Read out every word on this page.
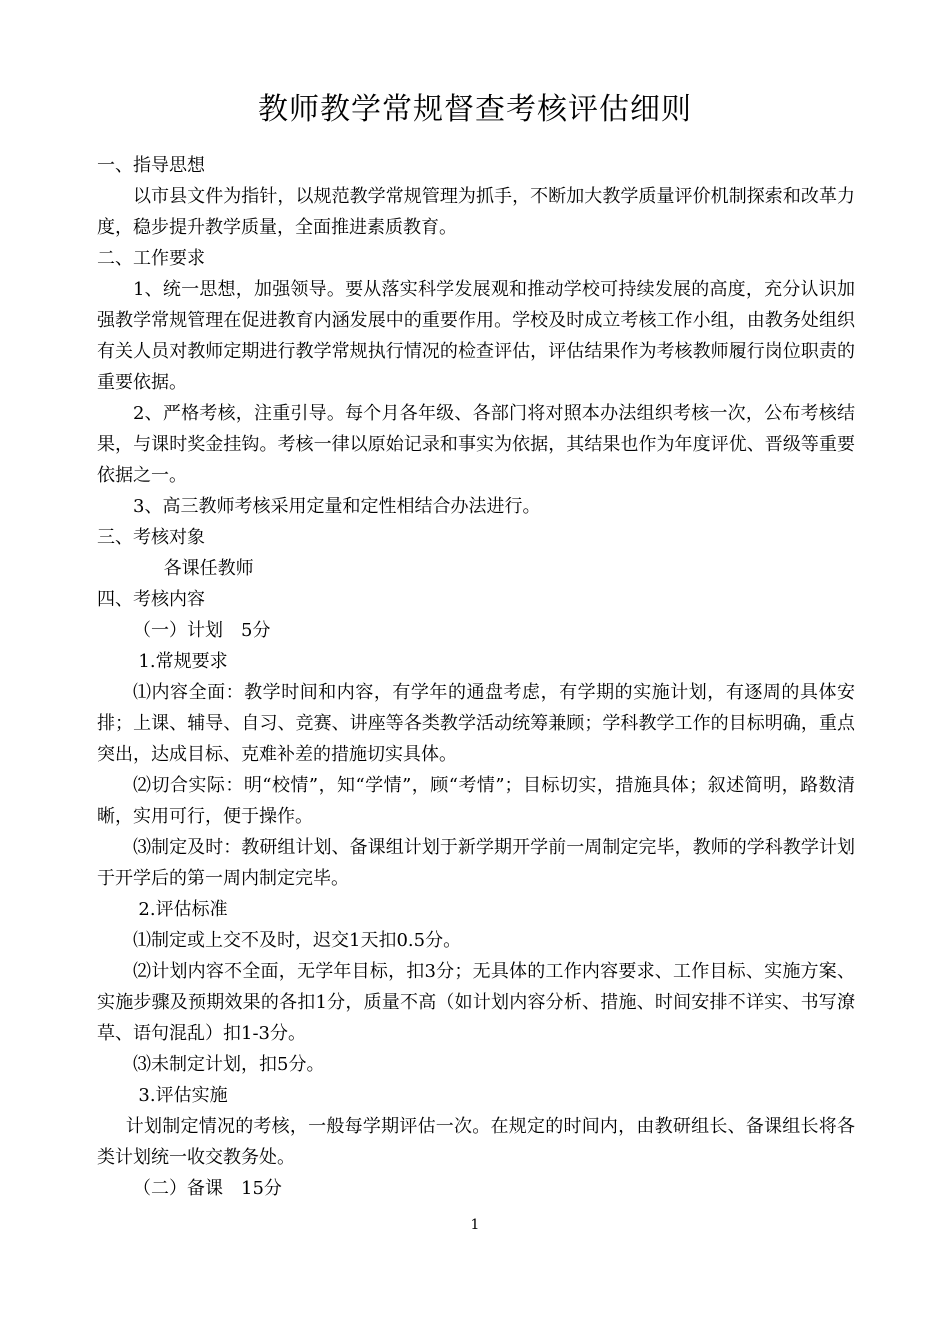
教师教学常规督查考核评估细则

一、指导思想

以市县文件为指针，以规范教学常规管理为抓手，不断加大教学质量评价机制探索和改革力度，稳步提升教学质量，全面推进素质教育。

二、工作要求

1、统一思想，加强领导。要从落实科学发展观和推动学校可持续发展的高度，充分认识加强教学常规管理在促进教育内涵发展中的重要作用。学校及时成立考核工作小组，由教务处组织有关人员对教师定期进行教学常规执行情况的检查评估，评估结果作为考核教师履行岗位职责的重要依据。

2、严格考核，注重引导。每个月各年级、各部门将对照本办法组织考核一次，公布考核结果，与课时奖金挂钩。考核一律以原始记录和事实为依据，其结果也作为年度评优、晋级等重要依据之一。

3、高三教师考核采用定量和定性相结合办法进行。

三、考核对象

各课任教师

四、考核内容

（一）计划　5分

1.常规要求

⑴内容全面：教学时间和内容，有学年的通盘考虑，有学期的实施计划，有逐周的具体安排；上课、辅导、自习、竞赛、讲座等各类教学活动统筹兼顾；学科教学工作的目标明确，重点突出，达成目标、克难补差的措施切实具体。

⑵切合实际：明“校情”，知“学情”，顾“考情”；目标切实，措施具体；叙述简明，路数清晰，实用可行，便于操作。

⑶制定及时：教研组计划、备课组计划于新学期开学前一周制定完毕，教师的学科教学计划于开学后的第一周内制定完毕。

2.评估标准

⑴制定或上交不及时，迟交1天扣0.5分。

⑵计划内容不全面，无学年目标，扣3分；无具体的工作内容要求、工作目标、实施方案、实施步骤及预期效果的各扣1分，质量不高（如计划内容分析、措施、时间安排不详实、书写潦草、语句混乱）扣1-3分。

⑶未制定计划，扣5分。

3.评估实施

计划制定情况的考核，一般每学期评估一次。在规定的时间内，由教研组长、备课组长将各类计划统一收交教务处。

（二）备课　15分

1
